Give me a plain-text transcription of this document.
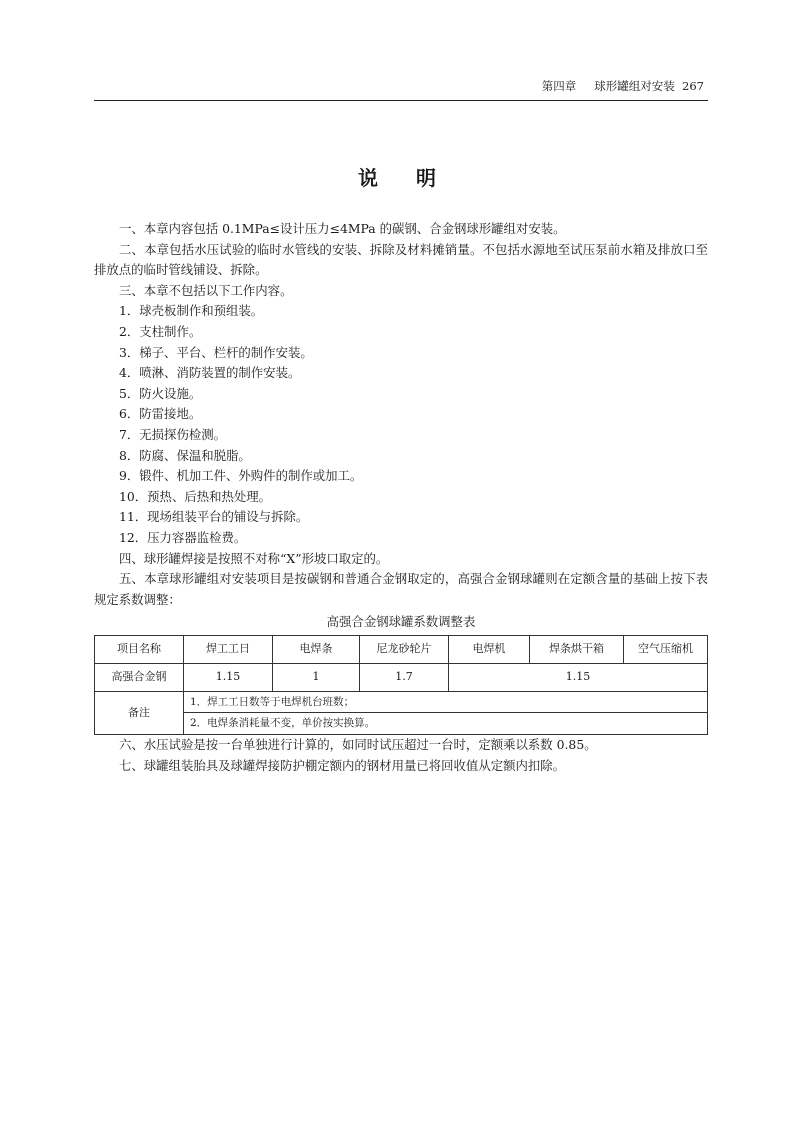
第四章 球形罐组对安装 267
说 明

一、本章内容包括 0.1MPa≤设计压力≤4MPa 的碳钢、合金钢球形罐组对安装。

二、本章包括水压试验的临时水管线的安装、拆除及材料摊销量。不包括水源地至试压泵前水箱及排放口至排放点的临时管线铺设、拆除。

三、本章不包括以下工作内容。

1．球壳板制作和预组装。

2．支柱制作。

3．梯子、平台、栏杆的制作安装。

4．喷淋、消防装置的制作安装。

5．防火设施。

6．防雷接地。

7．无损探伤检测。

8．防腐、保温和脱脂。

9．锻件、机加工件、外购件的制作或加工。

10．预热、后热和热处理。

11．现场组装平台的铺设与拆除。

12．压力容器监检费。

四、球形罐焊接是按照不对称“X”形坡口取定的。

五、本章球形罐组对安装项目是按碳钢和普通合金钢取定的，高强合金钢球罐则在定额含量的基础上按下表规定系数调整：

高强合金钢球罐系数调整表
项目名称	焊工工日	电焊条	尼龙砂轮片	电焊机	焊条烘干箱	空气压缩机
高强合金钢	1.15	1	1.7	1.15		
备注	1．焊工工日数等于电焊机台班数；					
	2．电焊条消耗量不变，单价按实换算。					

六、水压试验是按一台单独进行计算的，如同时试压超过一台时，定额乘以系数 0.85。

七、球罐组装胎具及球罐焊接防护棚定额内的钢材用量已将回收值从定额内扣除。
